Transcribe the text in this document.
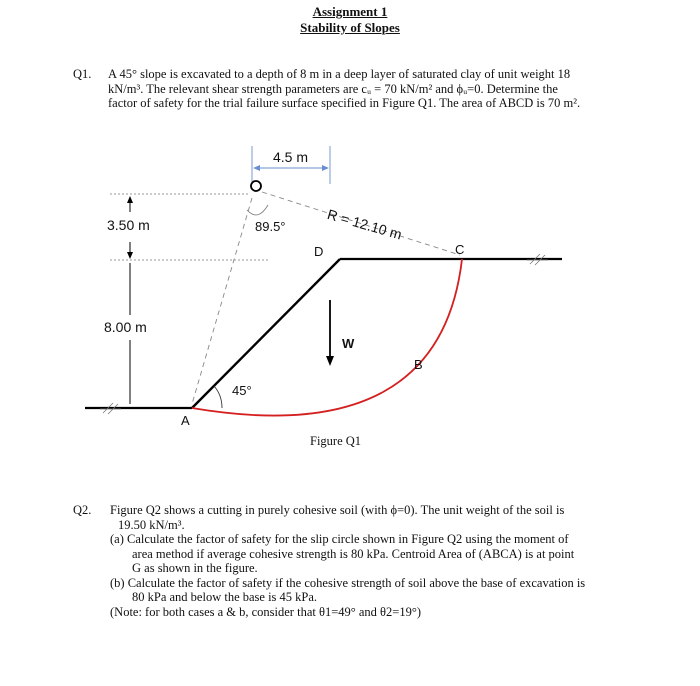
Assignment 1
Stability of Slopes
Q1. A 45° slope is excavated to a depth of 8 m in a deep layer of saturated clay of unit weight 18
kN/m³. The relevant shear strength parameters are cᵤ = 70 kN/m² and ϕᵤ=0. Determine the
factor of safety for the trial failure surface specified in Figure Q1. The area of ABCD is 70 m².
4.5 m
3.50 m
8.00 m
89.5°
45°
R = 12.10 m
D	C
B
A
W
Figure Q1
Q2. Figure Q2 shows a cutting in purely cohesive soil (with ϕ=0). The unit weight of the soil is
19.50 kN/m³.
(a) Calculate the factor of safety for the slip circle shown in Figure Q2 using the moment of
area method if average cohesive strength is 80 kPa. Centroid Area of (ABCA) is at point
G as shown in the figure.
(b) Calculate the factor of safety if the cohesive strength of soil above the base of excavation is
80 kPa and below the base is 45 kPa.
(Note: for both cases a & b, consider that θ1=49° and θ2=19°)
